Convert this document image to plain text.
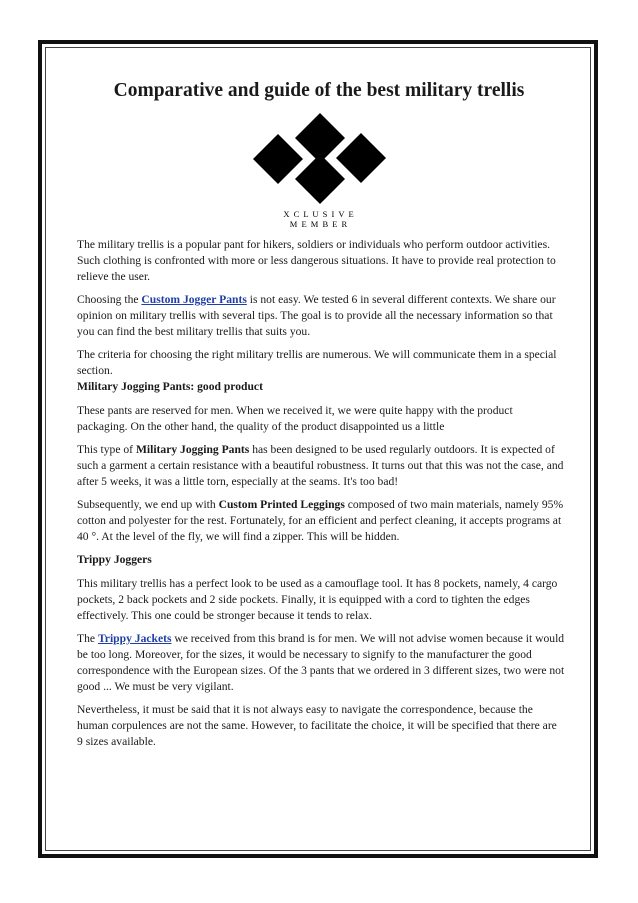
Comparative and guide of the best military trellis
X C L U S I V E
M E M B E R

The military trellis is a popular pant for hikers, soldiers or individuals who perform outdoor activities. Such clothing is confronted with more or less dangerous situations. It have to provide real protection to relieve the user.

Choosing the Custom Jogger Pants is not easy. We tested 6 in several different contexts. We share our opinion on military trellis with several tips. The goal is to provide all the necessary information so that you can find the best military trellis that suits you.

The criteria for choosing the right military trellis are numerous. We will communicate them in a special section.

Military Jogging Pants: good product

These pants are reserved for men. When we received it, we were quite happy with the product packaging. On the other hand, the quality of the product disappointed us a little

This type of Military Jogging Pants has been designed to be used regularly outdoors. It is expected of such a garment a certain resistance with a beautiful robustness. It turns out that this was not the case, and after 5 weeks, it was a little torn, especially at the seams. It's too bad!

Subsequently, we end up with Custom Printed Leggings composed of two main materials, namely 95% cotton and polyester for the rest. Fortunately, for an efficient and perfect cleaning, it accepts programs at 40 °. At the level of the fly, we will find a zipper. This will be hidden.

Trippy Joggers

This military trellis has a perfect look to be used as a camouflage tool. It has 8 pockets, namely, 4 cargo pockets, 2 back pockets and 2 side pockets. Finally, it is equipped with a cord to tighten the edges effectively. This one could be stronger because it tends to relax.

The Trippy Jackets we received from this brand is for men. We will not advise women because it would be too long. Moreover, for the sizes, it would be necessary to signify to the manufacturer the good correspondence with the European sizes. Of the 3 pants that we ordered in 3 different sizes, two were not good ... We must be very vigilant.

Nevertheless, it must be said that it is not always easy to navigate the correspondence, because the human corpulences are not the same. However, to facilitate the choice, it will be specified that there are 9 sizes available.
